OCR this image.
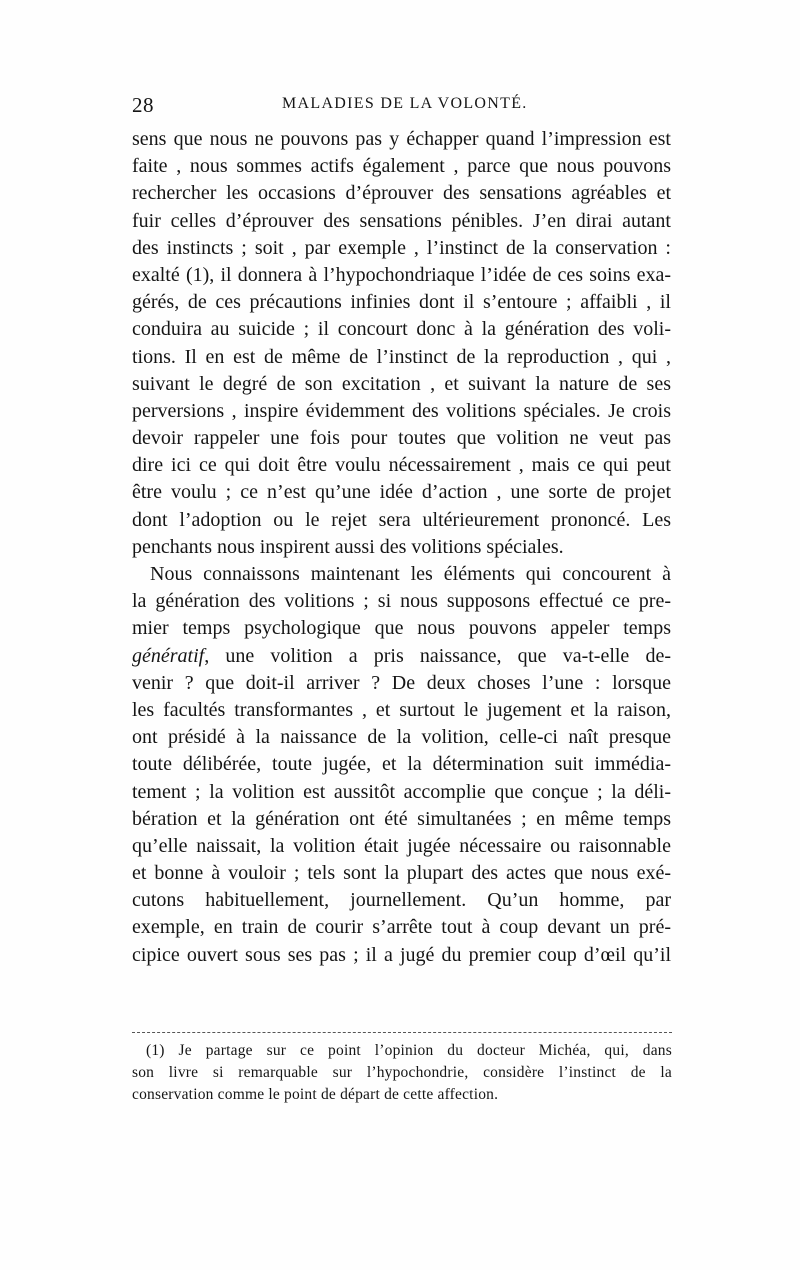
28	MALADIES DE LA VOLONTÉ.
sens que nous ne pouvons pas y échapper quand l’impression est
faite , nous sommes actifs également , parce que nous pouvons
rechercher les occasions d’éprouver des sensations agréables et
fuir celles d’éprouver des sensations pénibles. J’en dirai autant
des instincts ; soit , par exemple , l’instinct de la conservation :
exalté (1), il donnera à l’hypochondriaque l’idée de ces soins exa-
gérés, de ces précautions infinies dont il s’entoure ; affaibli , il
conduira au suicide ; il concourt donc à la génération des voli-
tions. Il en est de même de l’instinct de la reproduction , qui ,
suivant le degré de son excitation , et suivant la nature de ses
perversions , inspire évidemment des volitions spéciales. Je crois
devoir rappeler une fois pour toutes que volition ne veut pas
dire ici ce qui doit être voulu nécessairement , mais ce qui peut
être voulu ; ce n’est qu’une idée d’action , une sorte de projet
dont l’adoption ou le rejet sera ultérieurement prononcé. Les
penchants nous inspirent aussi des volitions spéciales.
Nous connaissons maintenant les éléments qui concourent à
la génération des volitions ; si nous supposons effectué ce pre-
mier temps psychologique que nous pouvons appeler temps
génératif, une volition a pris naissance, que va-t-elle de-
venir ? que doit-il arriver ? De deux choses l’une : lorsque
les facultés transformantes , et surtout le jugement et la raison,
ont présidé à la naissance de la volition, celle-ci naît presque
toute délibérée, toute jugée, et la détermination suit immédia-
tement ; la volition est aussitôt accomplie que conçue ; la déli-
bération et la génération ont été simultanées ; en même temps
qu’elle naissait, la volition était jugée nécessaire ou raisonnable
et bonne à vouloir ; tels sont la plupart des actes que nous exé-
cutons habituellement, journellement. Qu’un homme, par
exemple, en train de courir s’arrête tout à coup devant un pré-
cipice ouvert sous ses pas ; il a jugé du premier coup d’œil qu’il
(1) Je partage sur ce point l’opinion du docteur Michéa, qui, dans
son livre si remarquable sur l’hypochondrie, considère l’instinct de la
conservation comme le point de départ de cette affection.
